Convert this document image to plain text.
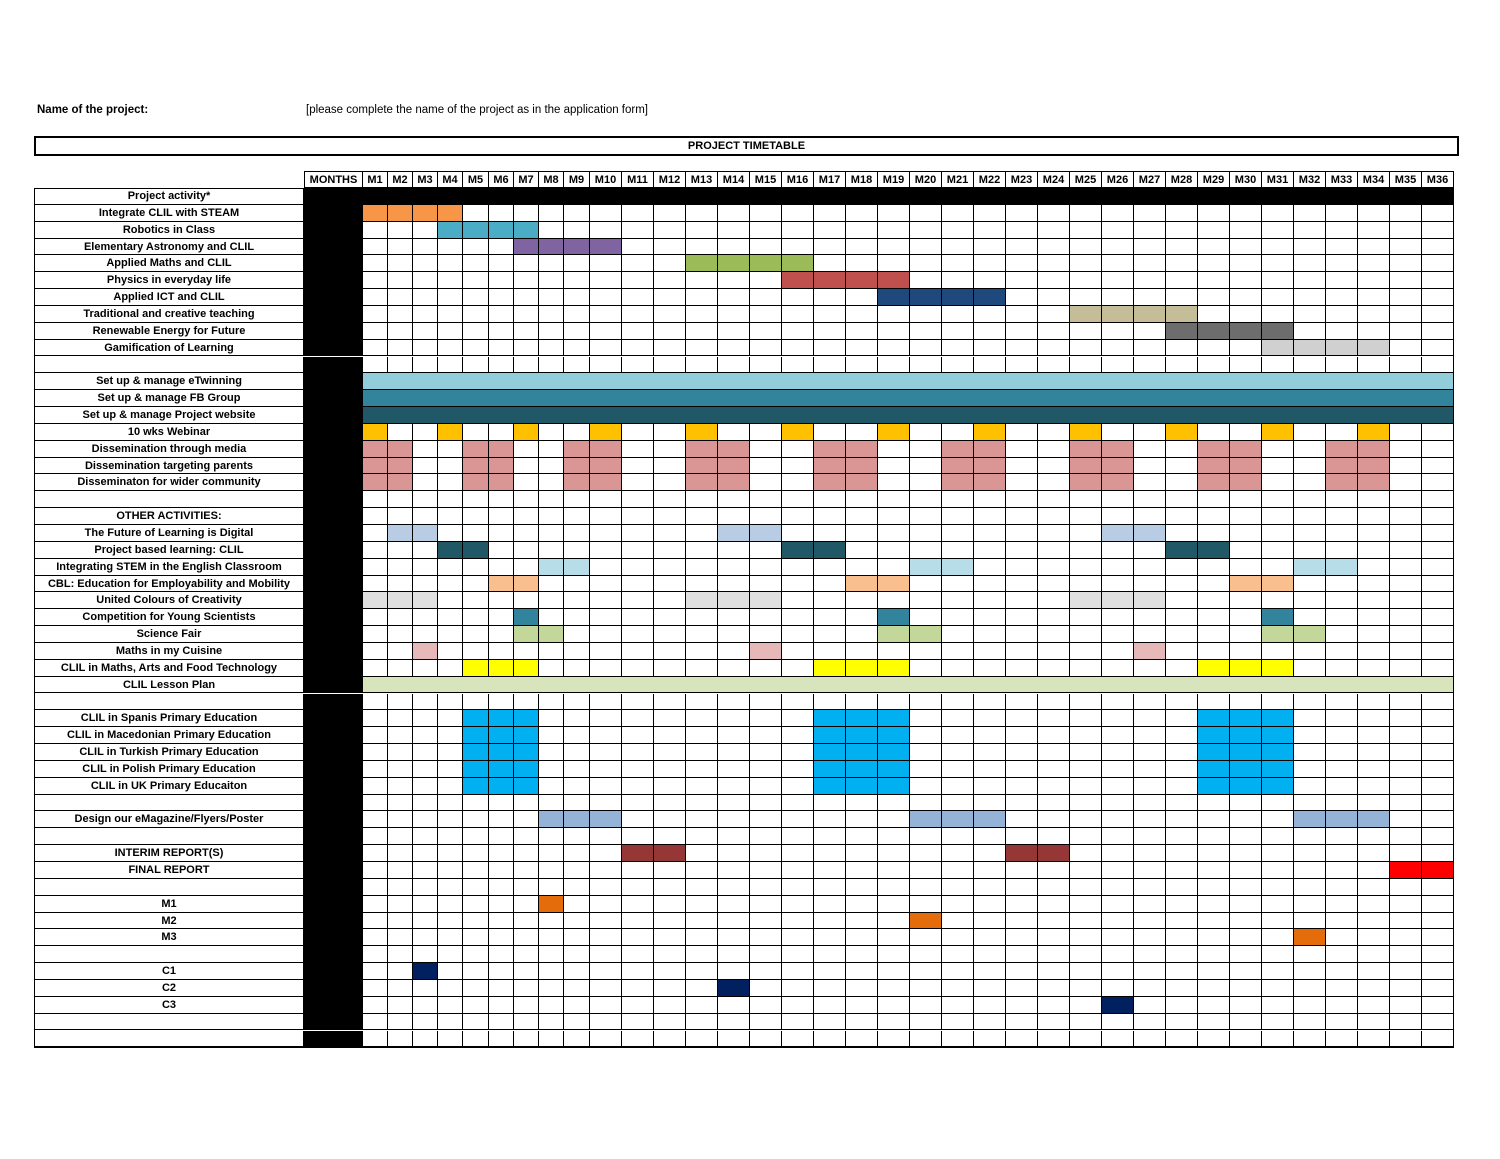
Name of the project:	[please complete the name of the project as in the application form]
PROJECT TIMETABLE
MONTHS M1 M2 M3 M4 M5 M6 M7 M8 M9 M10 M11 M12 M13 M14 M15 M16 M17 M18 M19 M20 M21 M22 M23 M24 M25 M26 M27 M28 M29 M30 M31 M32 M33 M34 M35 M36
Project activity*
Integrate CLIL with STEAM
Robotics in Class
Elementary Astronomy and CLIL
Applied Maths and CLIL
Physics in everyday life
Applied ICT and CLIL
Traditional and creative teaching
Renewable Energy for Future
Gamification of Learning
Set up & manage eTwinning
Set up & manage FB Group
Set up & manage Project website
10 wks Webinar
Dissemination through media
Dissemination targeting parents
Disseminaton for wider community
OTHER ACTIVITIES:
The Future of Learning is Digital
Project based learning: CLIL
Integrating STEM in the English Classroom
CBL: Education for Employability and Mobility
United Colours of Creativity
Competition for Young Scientists
Science Fair
Maths in my Cuisine
CLIL in Maths, Arts and Food Technology
CLIL Lesson Plan
CLIL in Spanis Primary Education
CLIL in Macedonian Primary Education
CLIL in Turkish Primary Education
CLIL in Polish Primary Education
CLIL in UK Primary Educaiton
Design our eMagazine/Flyers/Poster
INTERIM REPORT(S)
FINAL REPORT
M1
M2
M3
C1
C2
C3
